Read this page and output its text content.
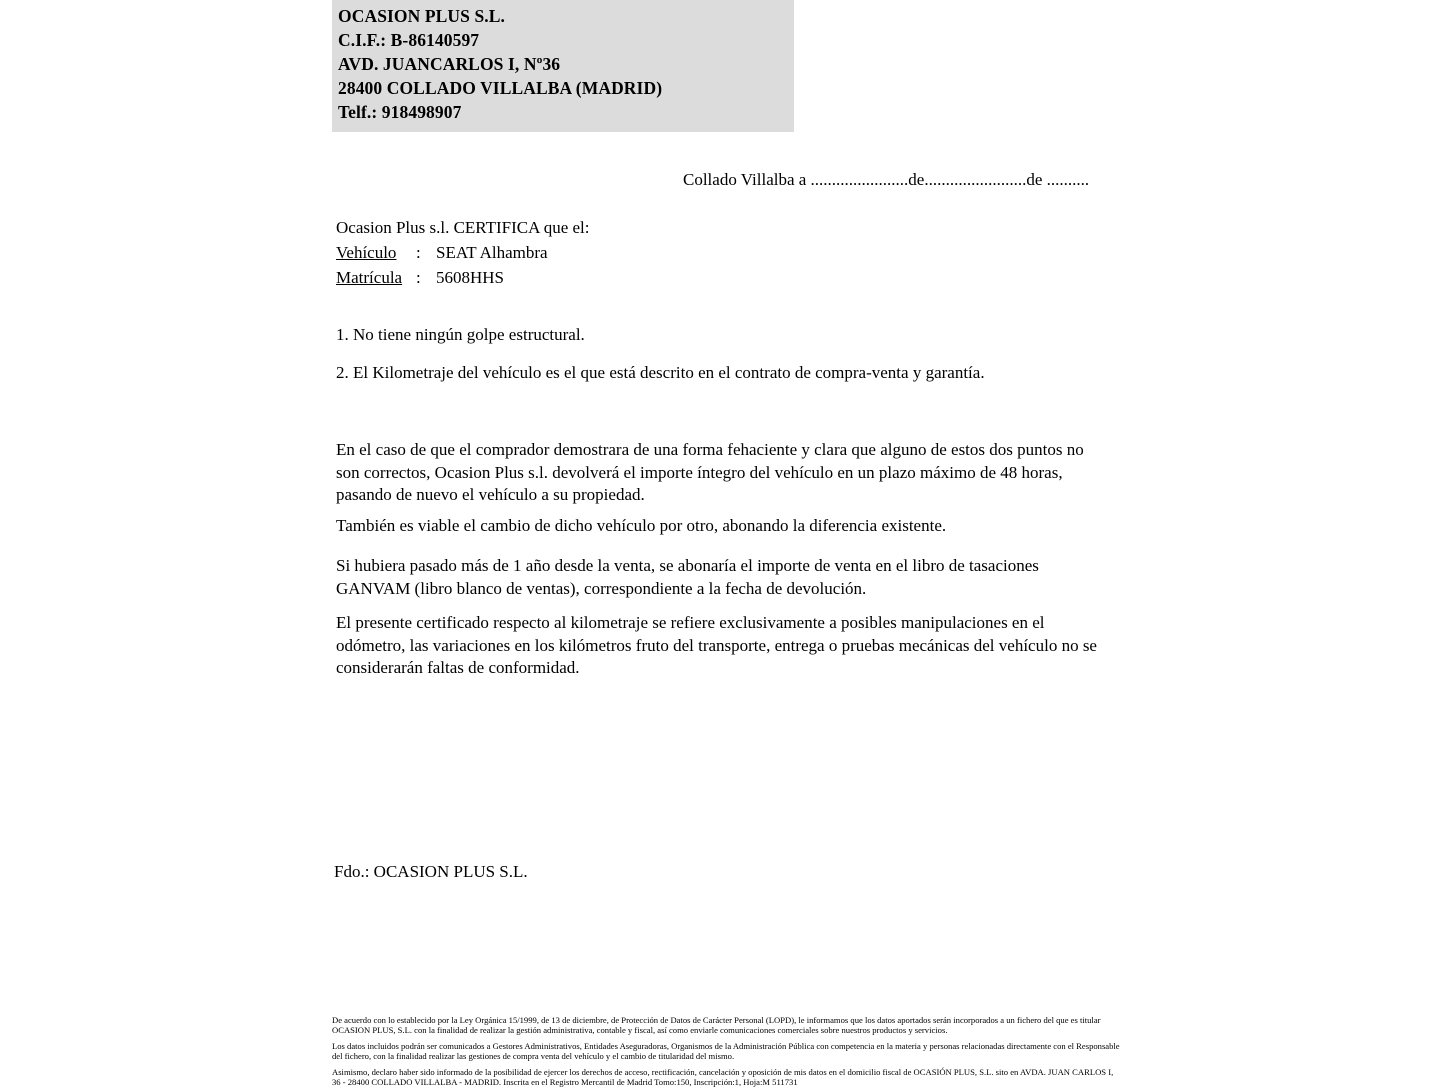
OCASION PLUS S.L.
C.I.F.: B-86140597
AVD. JUANCARLOS I, Nº36
28400 COLLADO VILLALBA (MADRID)
Telf.: 918498907
Collado Villalba a .......................de........................de ..........
Ocasion Plus s.l. CERTIFICA que el:
Vehículo : SEAT Alhambra
Matrícula : 5608HHS
1. No tiene ningún golpe estructural.
2. El Kilometraje del vehículo es el que está descrito en el contrato de compra-venta y garantía.
En el caso de que el comprador demostrara de una forma fehaciente y clara que alguno de estos dos puntos no son correctos, Ocasion Plus s.l. devolverá el importe íntegro del vehículo en un plazo máximo de 48 horas, pasando de nuevo el vehículo a su propiedad.
También es viable el cambio de dicho vehículo por otro, abonando la diferencia existente.
Si hubiera pasado más de 1 año desde la venta, se abonaría el importe de venta en el libro de tasaciones GANVAM (libro blanco de ventas), correspondiente a la fecha de devolución.
El presente certificado respecto al kilometraje se refiere exclusivamente a posibles manipulaciones en el odómetro, las variaciones en los kilómetros fruto del transporte, entrega o pruebas mecánicas del vehículo no se considerarán faltas de conformidad.
Fdo.: OCASION PLUS S.L.

De acuerdo con lo establecido por la Ley Orgánica 15/1999, de 13 de diciembre, de Protección de Datos de Carácter Personal (LOPD), le informamos que los datos aportados serán incorporados a un fichero del que es titular OCASION PLUS, S.L. con la finalidad de realizar la gestión administrativa, contable y fiscal, así como enviarle comunicaciones comerciales sobre nuestros productos y servicios.

Los datos incluidos podrán ser comunicados a Gestores Administrativos, Entidades Aseguradoras, Organismos de la Administración Pública con competencia en la materia y personas relacionadas directamente con el Responsable del fichero, con la finalidad realizar las gestiones de compra venta del vehículo y el cambio de titularidad del mismo.

Asimismo, declaro haber sido informado de la posibilidad de ejercer los derechos de acceso, rectificación, cancelación y oposición de mis datos en el domicilio fiscal de OCASIÓN PLUS, S.L. sito en AVDA. JUAN CARLOS I, 36 - 28400 COLLADO VILLALBA - MADRID. Inscrita en el Registro Mercantil de Madrid Tomo:150, Inscripción:1, Hoja:M 511731
